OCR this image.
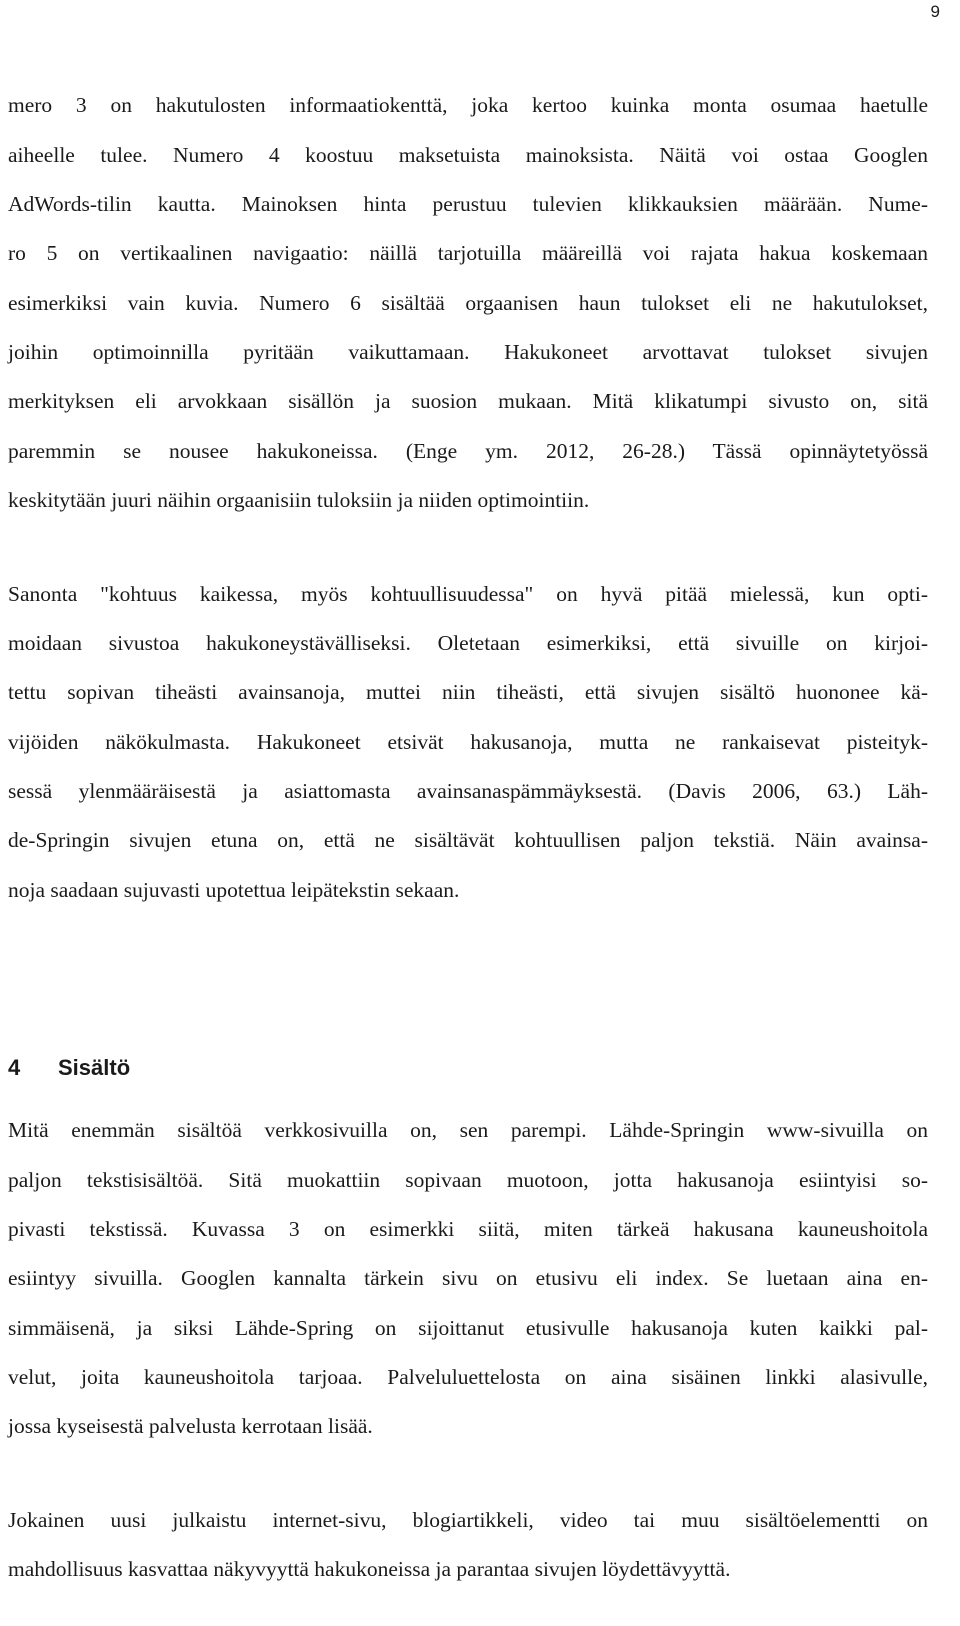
9
mero 3 on hakutulosten informaatiokenttä, joka kertoo kuinka monta osumaa haetulle
aiheelle tulee. Numero 4 koostuu maksetuista mainoksista. Näitä voi ostaa Googlen
AdWords-tilin kautta. Mainoksen hinta perustuu tulevien klikkauksien määrään. Nume-
ro 5 on vertikaalinen navigaatio: näillä tarjotuilla määreillä voi rajata hakua koskemaan
esimerkiksi vain kuvia. Numero 6 sisältää orgaanisen haun tulokset eli ne hakutulokset,
joihin optimoinnilla pyritään vaikuttamaan. Hakukoneet arvottavat tulokset sivujen
merkityksen eli arvokkaan sisällön ja suosion mukaan. Mitä klikatumpi sivusto on, sitä
paremmin se nousee hakukoneissa. (Enge ym. 2012, 26-28.) Tässä opinnäytetyössä
keskitytään juuri näihin orgaanisiin tuloksiin ja niiden optimointiin.
Sanonta "kohtuus kaikessa, myös kohtuullisuudessa" on hyvä pitää mielessä, kun opti-
moidaan sivustoa hakukoneystävälliseksi. Oletetaan esimerkiksi, että sivuille on kirjoi-
tettu sopivan tiheästi avainsanoja, muttei niin tiheästi, että sivujen sisältö huononee kä-
vijöiden näkökulmasta. Hakukoneet etsivät hakusanoja, mutta ne rankaisevat pisteityk-
sessä ylenmääräisestä ja asiattomasta avainsanaspämmäyksestä. (Davis 2006, 63.) Läh-
de-Springin sivujen etuna on, että ne sisältävät kohtuullisen paljon tekstiä. Näin avainsa-
noja saadaan sujuvasti upotettua leipätekstin sekaan.
4 Sisältö
Mitä enemmän sisältöä verkkosivuilla on, sen parempi. Lähde-Springin www-sivuilla on
paljon tekstisisältöä. Sitä muokattiin sopivaan muotoon, jotta hakusanoja esiintyisi so-
pivasti tekstissä. Kuvassa 3 on esimerkki siitä, miten tärkeä hakusana kauneushoitola
esiintyy sivuilla. Googlen kannalta tärkein sivu on etusivu eli index. Se luetaan aina en-
simmäisenä, ja siksi Lähde-Spring on sijoittanut etusivulle hakusanoja kuten kaikki pal-
velut, joita kauneushoitola tarjoaa. Palveluluettelosta on aina sisäinen linkki alasivulle,
jossa kyseisestä palvelusta kerrotaan lisää.
Jokainen uusi julkaistu internet-sivu, blogiartikkeli, video tai muu sisältöelementti on
mahdollisuus kasvattaa näkyvyyttä hakukoneissa ja parantaa sivujen löydettävyyttä.
